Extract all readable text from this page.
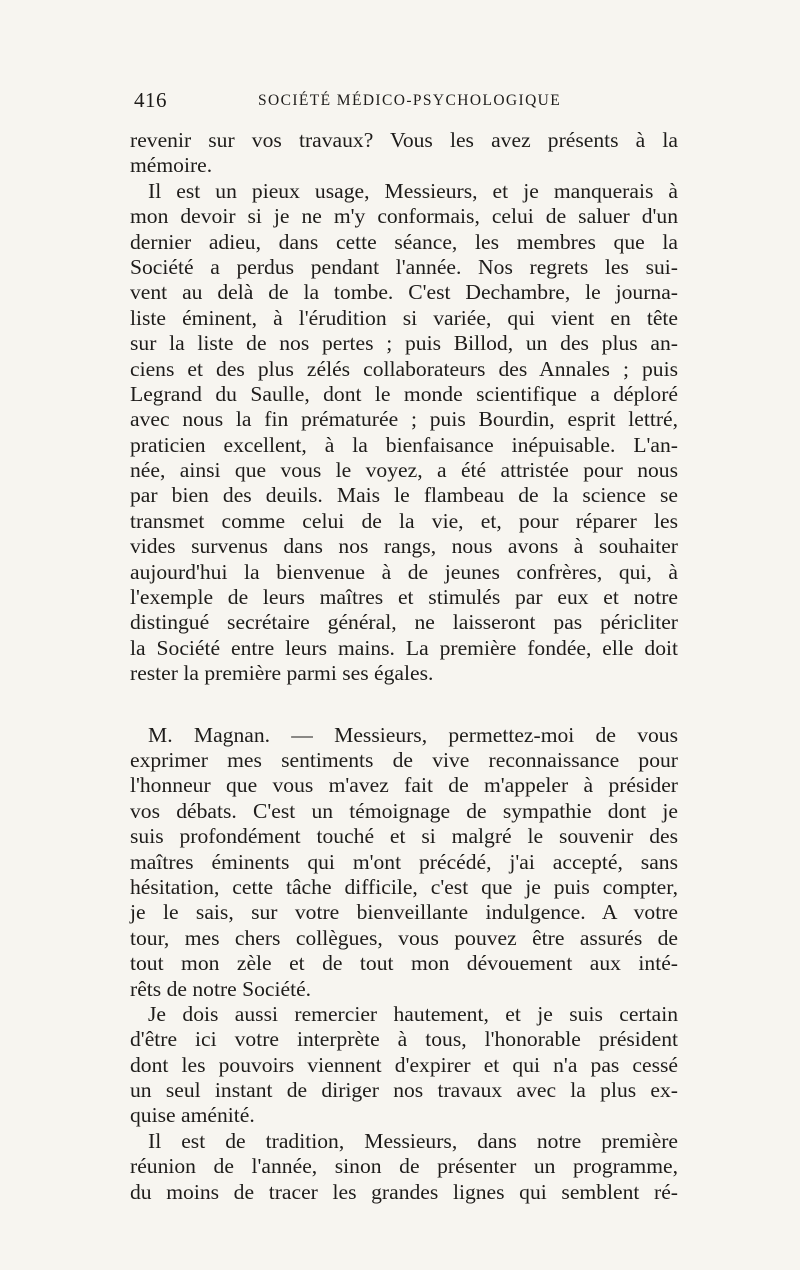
416	SOCIÉTÉ MÉDICO-PSYCHOLOGIQUE
revenir sur vos travaux? Vous les avez présents à la
mémoire.
Il est un pieux usage, Messieurs, et je manquerais à
mon devoir si je ne m'y conformais, celui de saluer d'un
dernier adieu, dans cette séance, les membres que la
Société a perdus pendant l'année. Nos regrets les sui-
vent au delà de la tombe. C'est Dechambre, le journa-
liste éminent, à l'érudition si variée, qui vient en tête
sur la liste de nos pertes ; puis Billod, un des plus an-
ciens et des plus zélés collaborateurs des Annales ; puis
Legrand du Saulle, dont le monde scientifique a déploré
avec nous la fin prématurée ; puis Bourdin, esprit lettré,
praticien excellent, à la bienfaisance inépuisable. L'an-
née, ainsi que vous le voyez, a été attristée pour nous
par bien des deuils. Mais le flambeau de la science se
transmet comme celui de la vie, et, pour réparer les
vides survenus dans nos rangs, nous avons à souhaiter
aujourd'hui la bienvenue à de jeunes confrères, qui, à
l'exemple de leurs maîtres et stimulés par eux et notre
distingué secrétaire général, ne laisseront pas péricliter
la Société entre leurs mains. La première fondée, elle doit
rester la première parmi ses égales.
M. Magnan. — Messieurs, permettez-moi de vous
exprimer mes sentiments de vive reconnaissance pour
l'honneur que vous m'avez fait de m'appeler à présider
vos débats. C'est un témoignage de sympathie dont je
suis profondément touché et si malgré le souvenir des
maîtres éminents qui m'ont précédé, j'ai accepté, sans
hésitation, cette tâche difficile, c'est que je puis compter,
je le sais, sur votre bienveillante indulgence. A votre
tour, mes chers collègues, vous pouvez être assurés de
tout mon zèle et de tout mon dévouement aux inté-
rêts de notre Société.
Je dois aussi remercier hautement, et je suis certain
d'être ici votre interprète à tous, l'honorable président
dont les pouvoirs viennent d'expirer et qui n'a pas cessé
un seul instant de diriger nos travaux avec la plus ex-
quise aménité.
Il est de tradition, Messieurs, dans notre première
réunion de l'année, sinon de présenter un programme,
du moins de tracer les grandes lignes qui semblent ré-
